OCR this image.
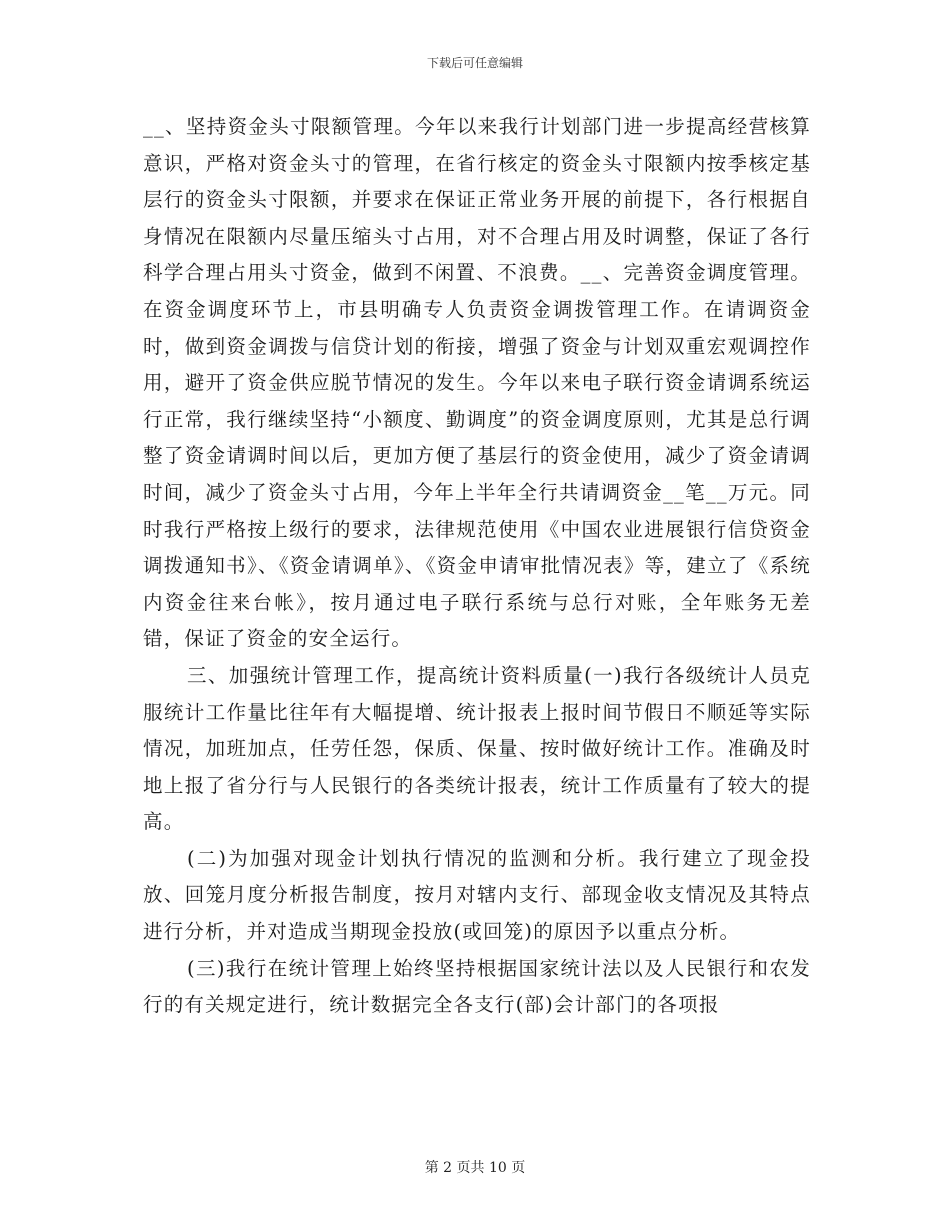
下载后可任意编辑

__、坚持资金头寸限额管理。今年以来我行计划部门进一步提高经营核算意识，严格对资金头寸的管理，在省行核定的资金头寸限额内按季核定基层行的资金头寸限额，并要求在保证正常业务开展的前提下，各行根据自身情况在限额内尽量压缩头寸占用，对不合理占用及时调整，保证了各行科学合理占用头寸资金，做到不闲置、不浪费。__、完善资金调度管理。在资金调度环节上，市县明确专人负责资金调拨管理工作。在请调资金时，做到资金调拨与信贷计划的衔接，增强了资金与计划双重宏观调控作用，避开了资金供应脱节情况的发生。今年以来电子联行资金请调系统运行正常，我行继续坚持“小额度、勤调度”的资金调度原则，尤其是总行调整了资金请调时间以后，更加方便了基层行的资金使用，减少了资金请调时间，减少了资金头寸占用，今年上半年全行共请调资金__笔__万元。同时我行严格按上级行的要求，法律规范使用《中国农业进展银行信贷资金调拨通知书》、《资金请调单》、《资金申请审批情况表》等，建立了《系统内资金往来台帐》，按月通过电子联行系统与总行对账，全年账务无差错，保证了资金的安全运行。

三、加强统计管理工作，提高统计资料质量(一)我行各级统计人员克服统计工作量比往年有大幅提增、统计报表上报时间节假日不顺延等实际情况，加班加点，任劳任怨，保质、保量、按时做好统计工作。准确及时地上报了省分行与人民银行的各类统计报表，统计工作质量有了较大的提高。

(二)为加强对现金计划执行情况的监测和分析。我行建立了现金投放、回笼月度分析报告制度，按月对辖内支行、部现金收支情况及其特点进行分析，并对造成当期现金投放(或回笼)的原因予以重点分析。

(三)我行在统计管理上始终坚持根据国家统计法以及人民银行和农发行的有关规定进行，统计数据完全各支行(部)会计部门的各项报

第 2 页共 10 页
